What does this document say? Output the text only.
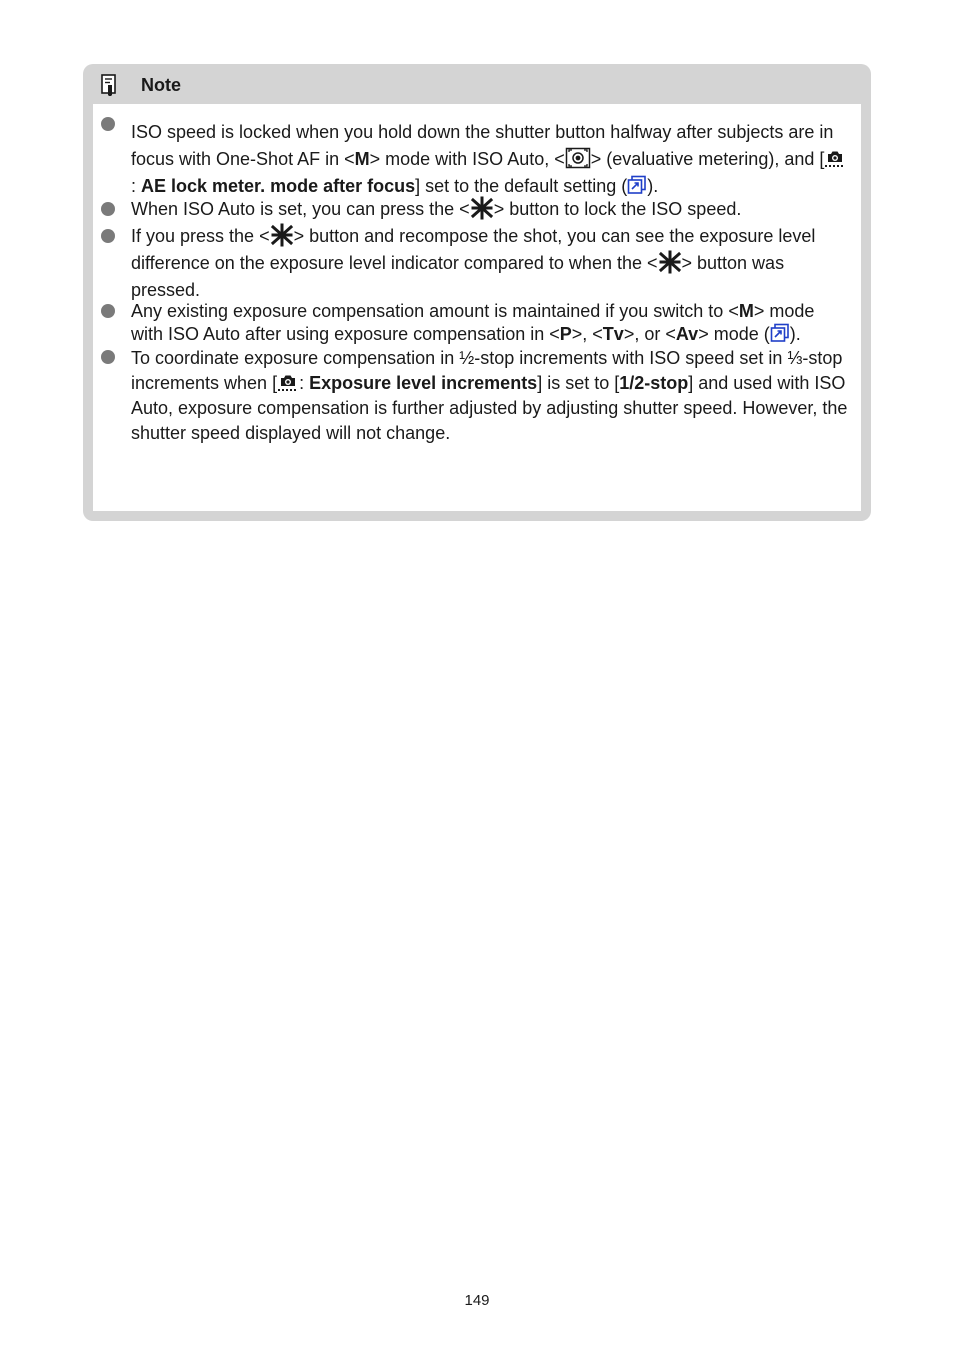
Note
ISO speed is locked when you hold down the shutter button halfway after subjects are in focus with One-Shot AF in <M> mode with ISO Auto, < > (evaluative metering), and [: AE lock meter. mode after focus] set to the default setting ( ).
When ISO Auto is set, you can press the < > button to lock the ISO speed.
If you press the < > button and recompose the shot, you can see the exposure level difference on the exposure level indicator compared to when the < > button was pressed.
Any existing exposure compensation amount is maintained if you switch to <M> mode with ISO Auto after using exposure compensation in <P>, <Tv>, or <Av> mode ( ).
To coordinate exposure compensation in ½-stop increments with ISO speed set in ⅓-stop increments when [ : Exposure level increments] is set to [1/2-stop] and used with ISO Auto, exposure compensation is further adjusted by adjusting shutter speed. However, the shutter speed displayed will not change.
149
